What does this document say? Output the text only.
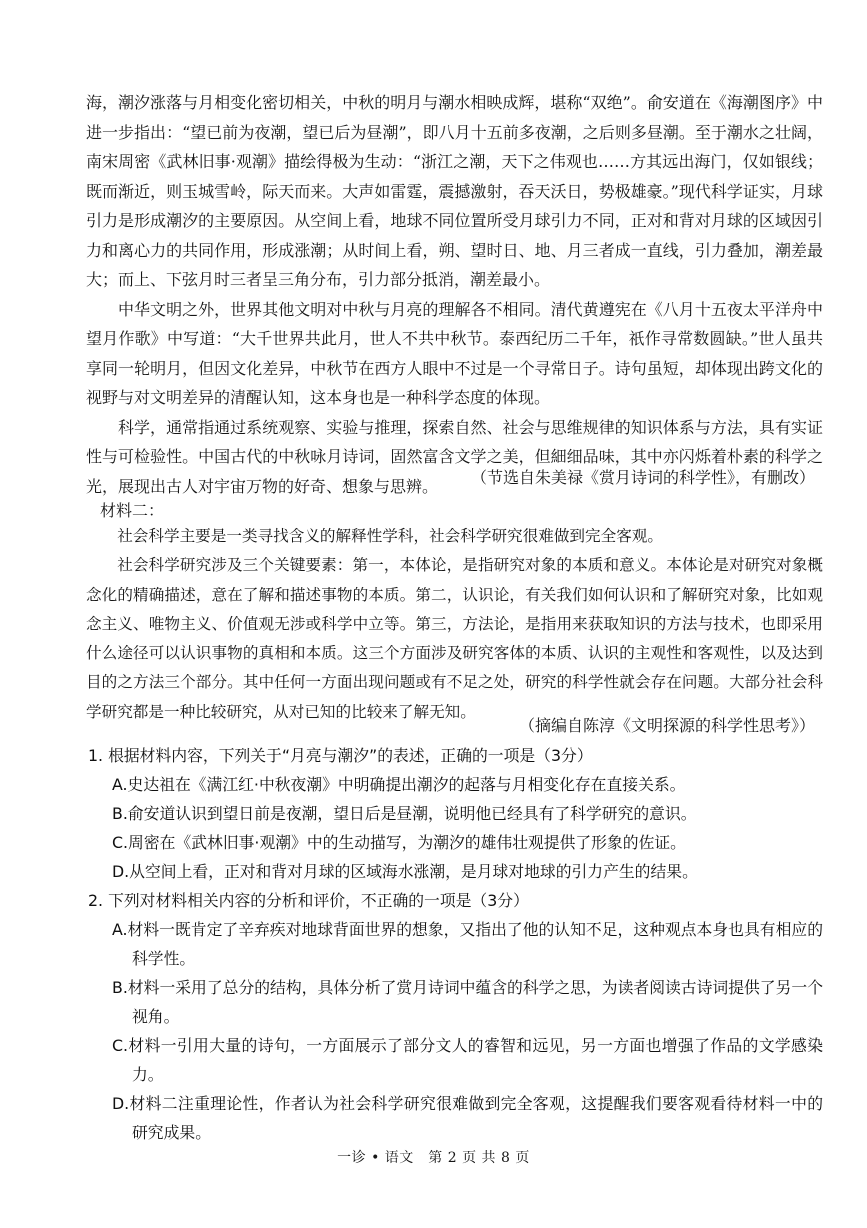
海，潮汐涨落与月相变化密切相关，中秋的明月与潮水相映成辉，堪称“双绝”。俞安道在《海潮图序》中进一步指出：“望已前为夜潮，望已后为昼潮”，即八月十五前多夜潮，之后则多昼潮。至于潮水之壮阔，南宋周密《武林旧事·观潮》描绘得极为生动：“浙江之潮，天下之伟观也……方其远出海门，仅如银线；既而渐近，则玉城雪岭，际天而来。大声如雷霆，震撼激射，吞天沃日，势极雄豪。”现代科学证实，月球引力是形成潮汐的主要原因。从空间上看，地球不同位置所受月球引力不同，正对和背对月球的区域因引力和离心力的共同作用，形成涨潮；从时间上看，朔、望时日、地、月三者成一直线，引力叠加，潮差最大；而上、下弦月时三者呈三角分布，引力部分抵消，潮差最小。

中华文明之外，世界其他文明对中秋与月亮的理解各不相同。清代黄遵宪在《八月十五夜太平洋舟中望月作歌》中写道：“大千世界共此月，世人不共中秋节。泰西纪历二千年，祇作寻常数圆缺。”世人虽共享同一轮明月，但因文化差异，中秋节在西方人眼中不过是一个寻常日子。诗句虽短，却体现出跨文化的视野与对文明差异的清醒认知，这本身也是一种科学态度的体现。

科学，通常指通过系统观察、实验与推理，探索自然、社会与思维规律的知识体系与方法，具有实证性与可检验性。中国古代的中秋咏月诗词，固然富含文学之美，但細细品味，其中亦闪烁着朴素的科学之光，展现出古人对宇宙万物的好奇、想象与思辨。	（节选自朱美禄《赏月诗词的科学性》，有删改）
材料二：

社会科学主要是一类寻找含义的解释性学科，社会科学研究很难做到完全客观。

社会科学研究涉及三个关键要素：第一，本体论，是指研究对象的本质和意义。本体论是对研究对象概念化的精确描述，意在了解和描述事物的本质。第二，认识论，有关我们如何认识和了解研究对象，比如观念主义、唯物主义、价值观无涉或科学中立等。第三，方法论，是指用来获取知识的方法与技术，也即采用什么途径可以认识事物的真相和本质。这三个方面涉及研究客体的本质、认识的主观性和客观性，以及达到目的之方法三个部分。其中任何一方面出现问题或有不足之处，研究的科学性就会存在问题。大部分社会科学研究都是一种比较研究，从对已知的比较来了解无知。

（摘编自陈淳《文明探源的科学性思考》）

1. 根据材料内容，下列关于“月亮与潮汐”的表述，正确的一项是（3分）

A.史达祖在《满江红·中秋夜潮》中明确提出潮汐的起落与月相变化存在直接关系。

B.俞安道认识到望日前是夜潮，望日后是昼潮，说明他已经具有了科学研究的意识。

C.周密在《武林旧事·观潮》中的生动描写，为潮汐的雄伟壮观提供了形象的佐证。

D.从空间上看，正对和背对月球的区域海水涨潮，是月球对地球的引力产生的结果。

2. 下列对材料相关内容的分析和评价，不正确的一项是（3分）

A.材料一既肯定了辛弃疾对地球背面世界的想象，又指出了他的认知不足，这种观点本身也具有相应的科学性。

B.材料一采用了总分的结构，具体分析了赏月诗词中蕴含的科学之思，为读者阅读古诗词提供了另一个视角。

C.材料一引用大量的诗句，一方面展示了部分文人的睿智和远见，另一方面也增强了作品的文学感染力。

D.材料二注重理论性，作者认为社会科学研究很难做到完全客观，这提醒我们要客观看待材料一中的研究成果。

一诊 • 语文　第 2 页 共 8 页
